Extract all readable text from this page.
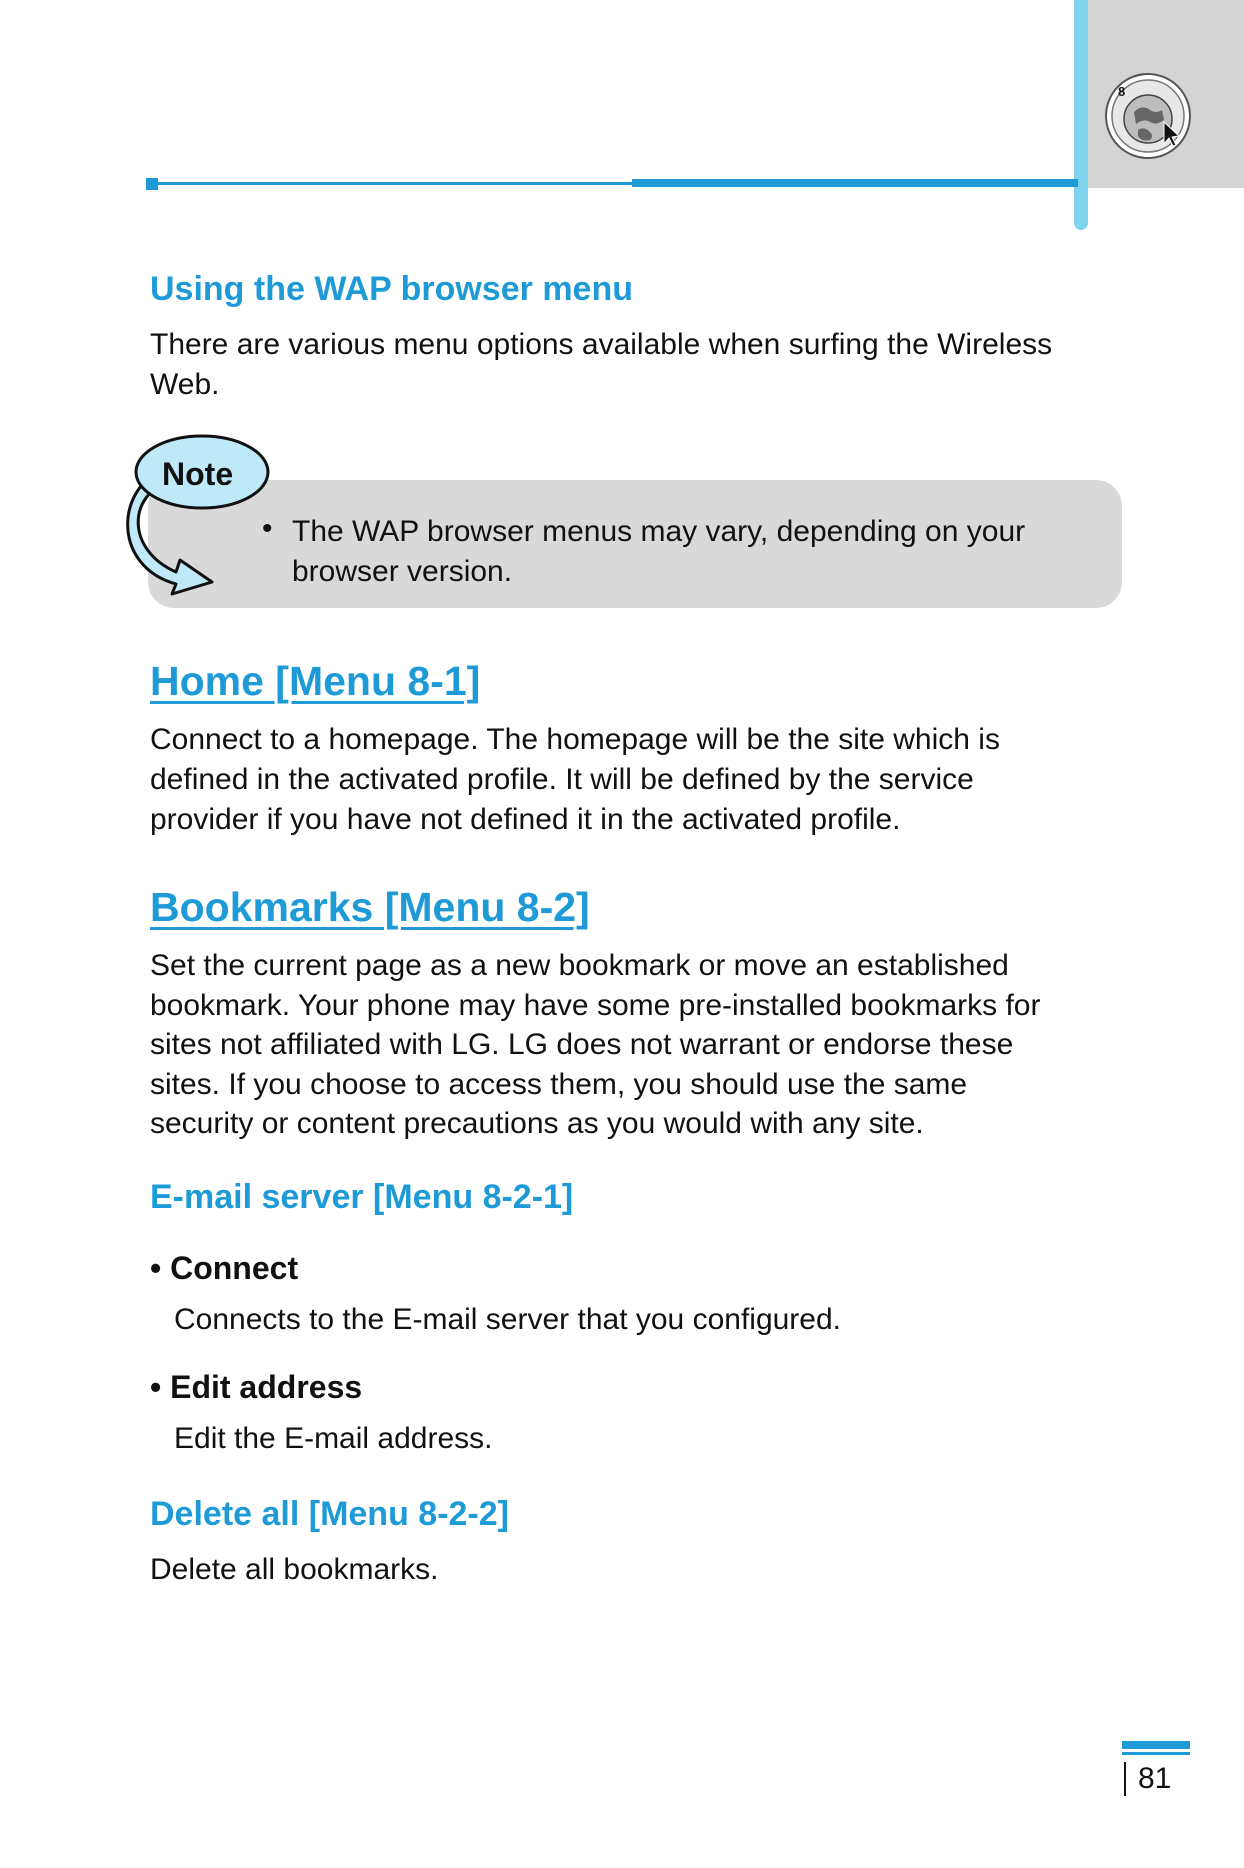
8
Using the WAP browser menu

There are various menu options available when surfing the Wireless

Web.

Note
• The WAP browser menus may vary, depending on your
browser version.
Home [Menu 8-1]

Connect to a homepage. The homepage will be the site which is

defined in the activated profile. It will be defined by the service

provider if you have not defined it in the activated profile.

Bookmarks [Menu 8-2]

Set the current page as a new bookmark or move an established

bookmark. Your phone may have some pre-installed bookmarks for

sites not affiliated with LG. LG does not warrant or endorse these

sites. If you choose to access them, you should use the same

security or content precautions as you would with any site.

E-mail server [Menu 8-2-1]

• Connect

Connects to the E-mail server that you configured.

• Edit address

Edit the E-mail address.

Delete all [Menu 8-2-2]

Delete all bookmarks.

81
